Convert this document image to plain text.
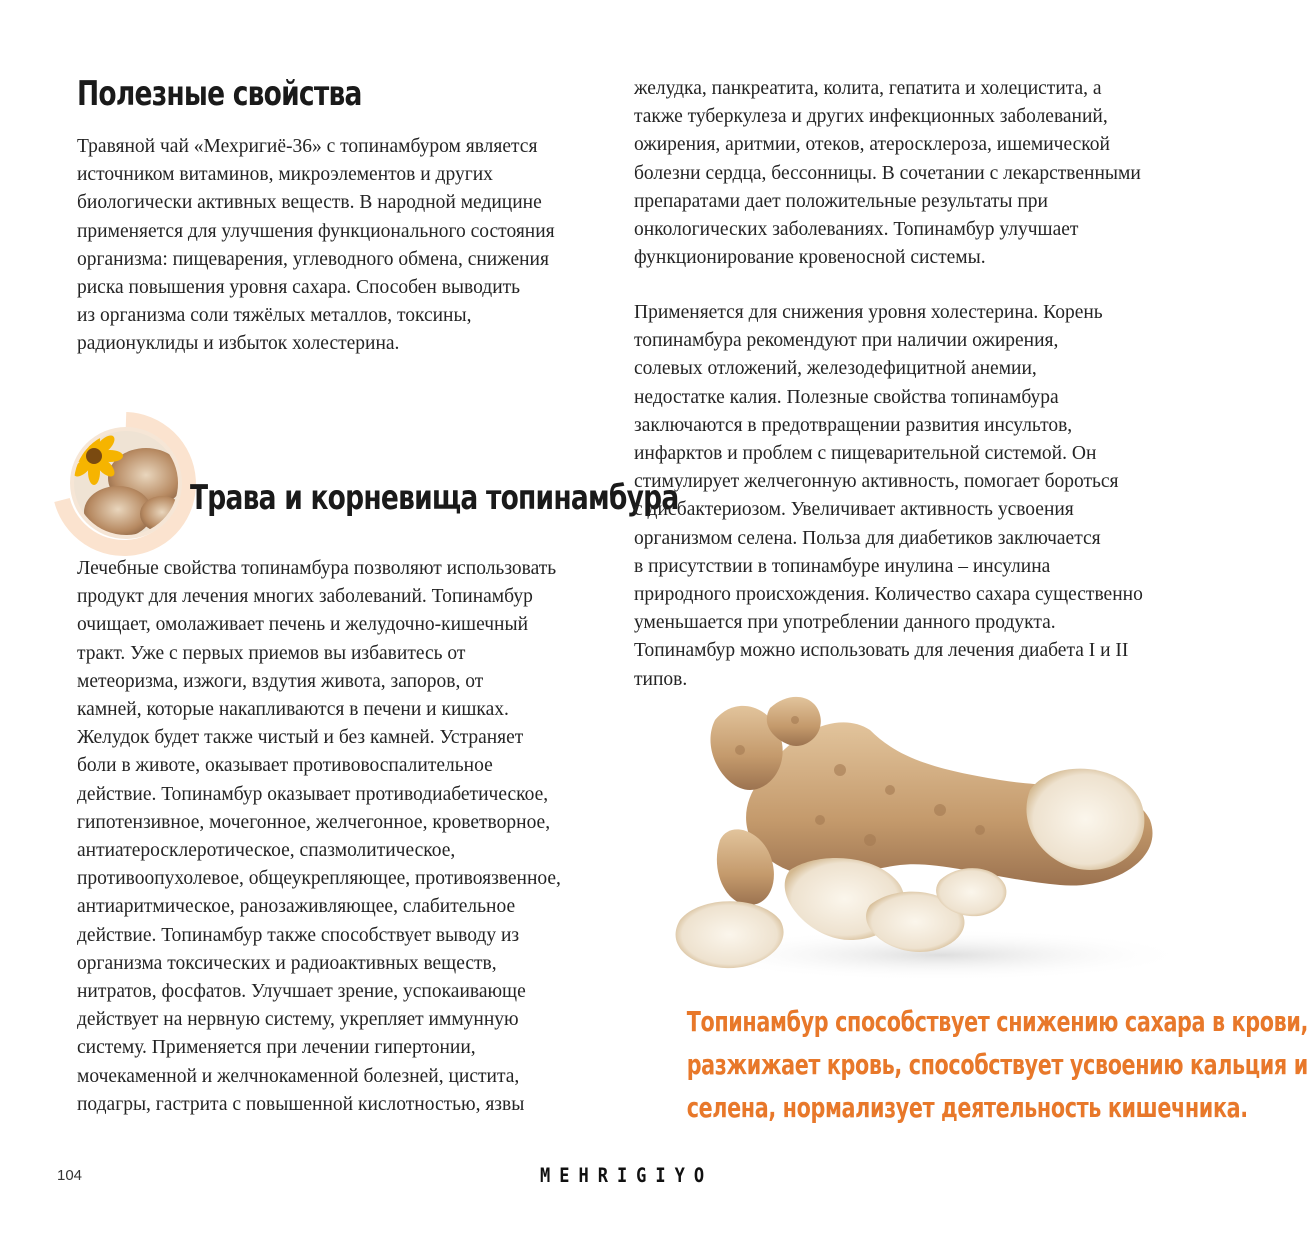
Полезные свойства
Травяной чай «Мехригиё-36» с топинамбуром является
источником витаминов, микроэлементов и других
биологически активных веществ. В народной медицине
применяется для улучшения функционального состояния
организма: пищеварения, углеводного обмена, снижения
риска повышения уровня сахара. Способен выводить
из организма соли тяжёлых металлов, токсины,
радионуклиды и избыток холестерина.
Трава и корневища топинамбура
Лечебные свойства топинамбура позволяют использовать
продукт для лечения многих заболеваний. Топинамбур
очищает, омолаживает печень и желудочно-кишечный
тракт. Уже с первых приемов вы избавитесь от
метеоризма, изжоги, вздутия живота, запоров, от
камней, которые накапливаются в печени и кишках.
Желудок будет также чистый и без камней. Устраняет
боли в животе, оказывает противовоспалительное
действие. Топинамбур оказывает противодиабетическое,
гипотензивное, мочегонное, желчегонное, кроветворное,
антиатеросклеротическое, спазмолитическое,
противоопухолевое, общеукрепляющее, противоязвенное,
антиаритмическое, ранозаживляющее, слабительное
действие. Топинамбур также способствует выводу из
организма токсических и радиоактивных веществ,
нитратов, фосфатов. Улучшает зрение, успокаивающе
действует на нервную систему, укрепляет иммунную
систему. Применяется при лечении гипертонии,
мочекаменной и желчнокаменной болезней, цистита,
подагры, гастрита с повышенной кислотностью, язвы
желудка, панкреатита, колита, гепатита и холецистита, а
также туберкулеза и других инфекционных заболеваний,
ожирения, аритмии, отеков, атеросклероза, ишемической
болезни сердца, бессонницы. В сочетании с лекарственными
препаратами дает положительные результаты при
онкологических заболеваниях. Топинамбур улучшает
функционирование кровеносной системы.
Применяется для снижения уровня холестерина. Корень
топинамбура рекомендуют при наличии ожирения,
солевых отложений, железодефицитной анемии,
недостатке калия. Полезные свойства топинамбура
заключаются в предотвращении развития инсультов,
инфарктов и проблем с пищеварительной системой. Он
стимулирует желчегонную активность, помогает бороться
с дисбактериозом. Увеличивает активность усвоения
организмом селена. Польза для диабетиков заключается
в присутствии в топинамбуре инулина – инсулина
природного происхождения. Количество сахара существенно
уменьшается при употреблении данного продукта.
Топинамбур можно использовать для лечения диабета I и II
типов.
Топинамбур способствует снижению сахара в крови,
разжижает кровь, способствует усвоению кальция и
селена, нормализует деятельность кишечника.
104	MEHRIGIYO
